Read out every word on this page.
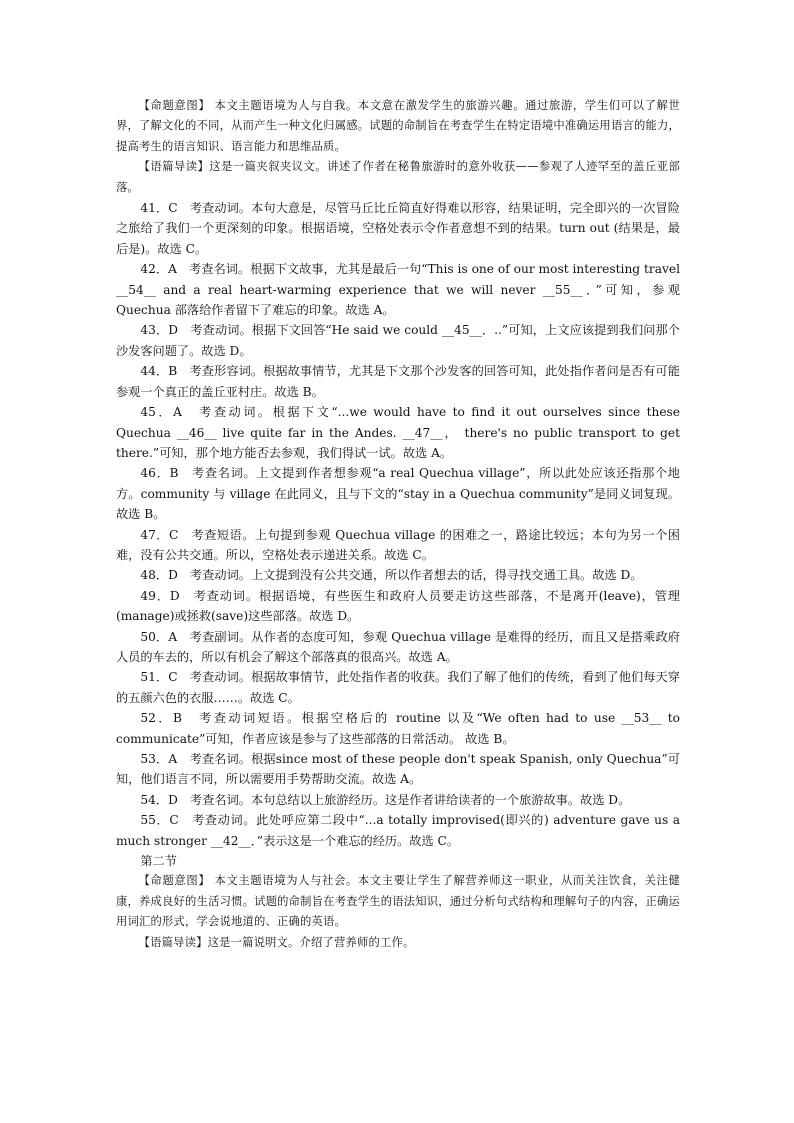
【命题意图】 本文主题语境为人与自我。本文意在激发学生的旅游兴趣。通过旅游，学生们可以了解世界，了解文化的不同，从而产生一种文化归属感。试题的命制旨在考查学生在特定语境中准确运用语言的能力，提高考生的语言知识、语言能力和思维品质。

【语篇导读】这是一篇夹叙夹议文。讲述了作者在秘鲁旅游时的意外收获——参观了人迹罕至的盖丘亚部落。

41．C　考查动词。本句大意是，尽管马丘比丘简直好得难以形容，结果证明，完全即兴的一次冒险之旅给了我们一个更深刻的印象。根据语境，空格处表示令作者意想不到的结果。turn out (结果是，最后是)。故选 C。

42．A　考查名词。根据下文故事，尤其是最后一句“This is one of our most interesting travel __54__ and a real heart-warming experience that we will never __55__．”可知，参观 Quechua 部落给作者留下了难忘的印象。故选 A。

43．D　考查动词。根据下文回答“He said we could __45__．..”可知，上文应该提到我们问那个沙发客问题了。故选 D。

44．B　考查形容词。根据故事情节，尤其是下文那个沙发客的回答可知，此处指作者问是否有可能参观一个真正的盖丘亚村庄。故选 B。

45．A　考查动词。根据下文“...we would have to find it out ourselves since these Quechua __46__ live quite far in the Andes. __47__， there's no public transport to get there.”可知，那个地方能否去参观，我们得试一试。故选 A。

46．B　考查名词。上文提到作者想参观“a real Quechua village”，所以此处应该还指那个地方。community 与 village 在此同义，且与下文的“stay in a Quechua community”是同义词复现。故选 B。

47．C　考查短语。上句提到参观 Quechua village 的困难之一，路途比较远；本句为另一个困难，没有公共交通。所以，空格处表示递进关系。故选 C。

48．D　考查动词。上文提到没有公共交通，所以作者想去的话，得寻找交通工具。故选 D。

49．D　考查动词。根据语境，有些医生和政府人员要走访这些部落，不是离开(leave)，管理(manage)或拯救(save)这些部落。故选 D。

50．A　考查副词。从作者的态度可知，参观 Quechua village 是难得的经历，而且又是搭乘政府人员的车去的，所以有机会了解这个部落真的很高兴。故选 A。

51．C　考查动词。根据故事情节，此处指作者的收获。我们了解了他们的传统，看到了他们每天穿的五颜六色的衣服……。故选 C。

52．B　考查动词短语。根据空格后的 routine 以及“We often had to use __53__ to communicate”可知，作者应该是参与了这些部落的日常活动。 故选 B。

53．A　考查名词。根据since most of these people don't speak Spanish, only Quechua”可知，他们语言不同，所以需要用手势帮助交流。故选 A。

54．D　考查名词。本句总结以上旅游经历。这是作者讲给读者的一个旅游故事。故选 D。

55．C　考查动词。此处呼应第二段中“...a totally improvised(即兴的) adventure gave us a much stronger __42__．”表示这是一个难忘的经历。故选 C。

第二节

【命题意图】 本文主题语境为人与社会。本文主要让学生了解营养师这一职业，从而关注饮食，关注健康，养成良好的生活习惯。试题的命制旨在考查学生的语法知识，通过分析句式结构和理解句子的内容，正确运用词汇的形式，学会说地道的、正确的英语。

【语篇导读】这是一篇说明文。介绍了营养师的工作。
